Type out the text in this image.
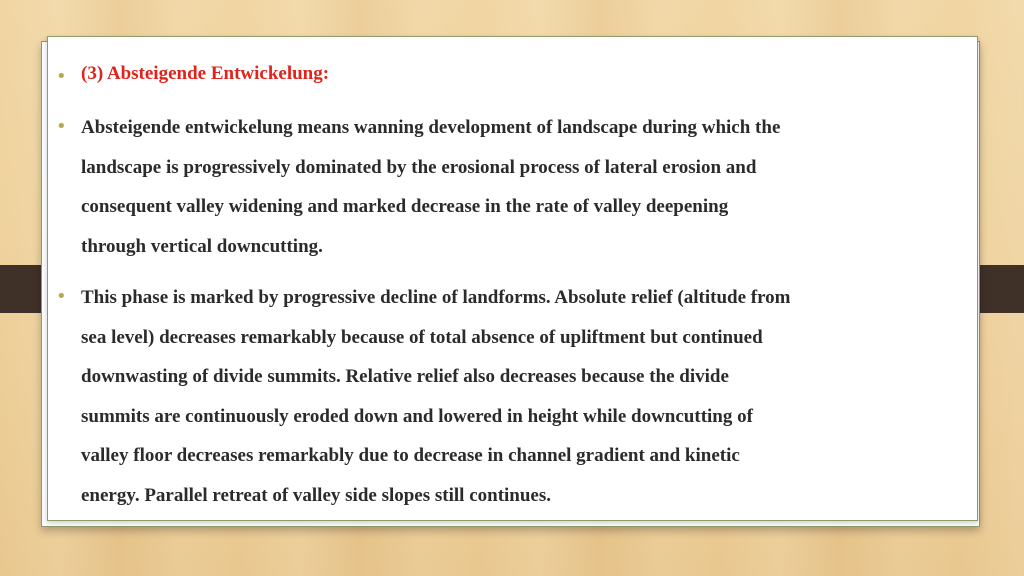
• (3) Absteigende Entwickelung:
• Absteigende entwickelung means wanning development of landscape during which the
landscape is progressively dominated by the erosional process of lateral erosion and
consequent valley widening and marked decrease in the rate of valley deepening
through vertical downcutting.
• This phase is marked by progressive decline of landforms. Absolute relief (altitude from
sea level) decreases remarkably because of total absence of upliftment but continued
downwasting of divide summits. Relative relief also decreases because the divide
summits are continuously eroded down and lowered in height while downcutting of
valley floor decreases remarkably due to decrease in channel gradient and kinetic
energy. Parallel retreat of valley side slopes still continues.
